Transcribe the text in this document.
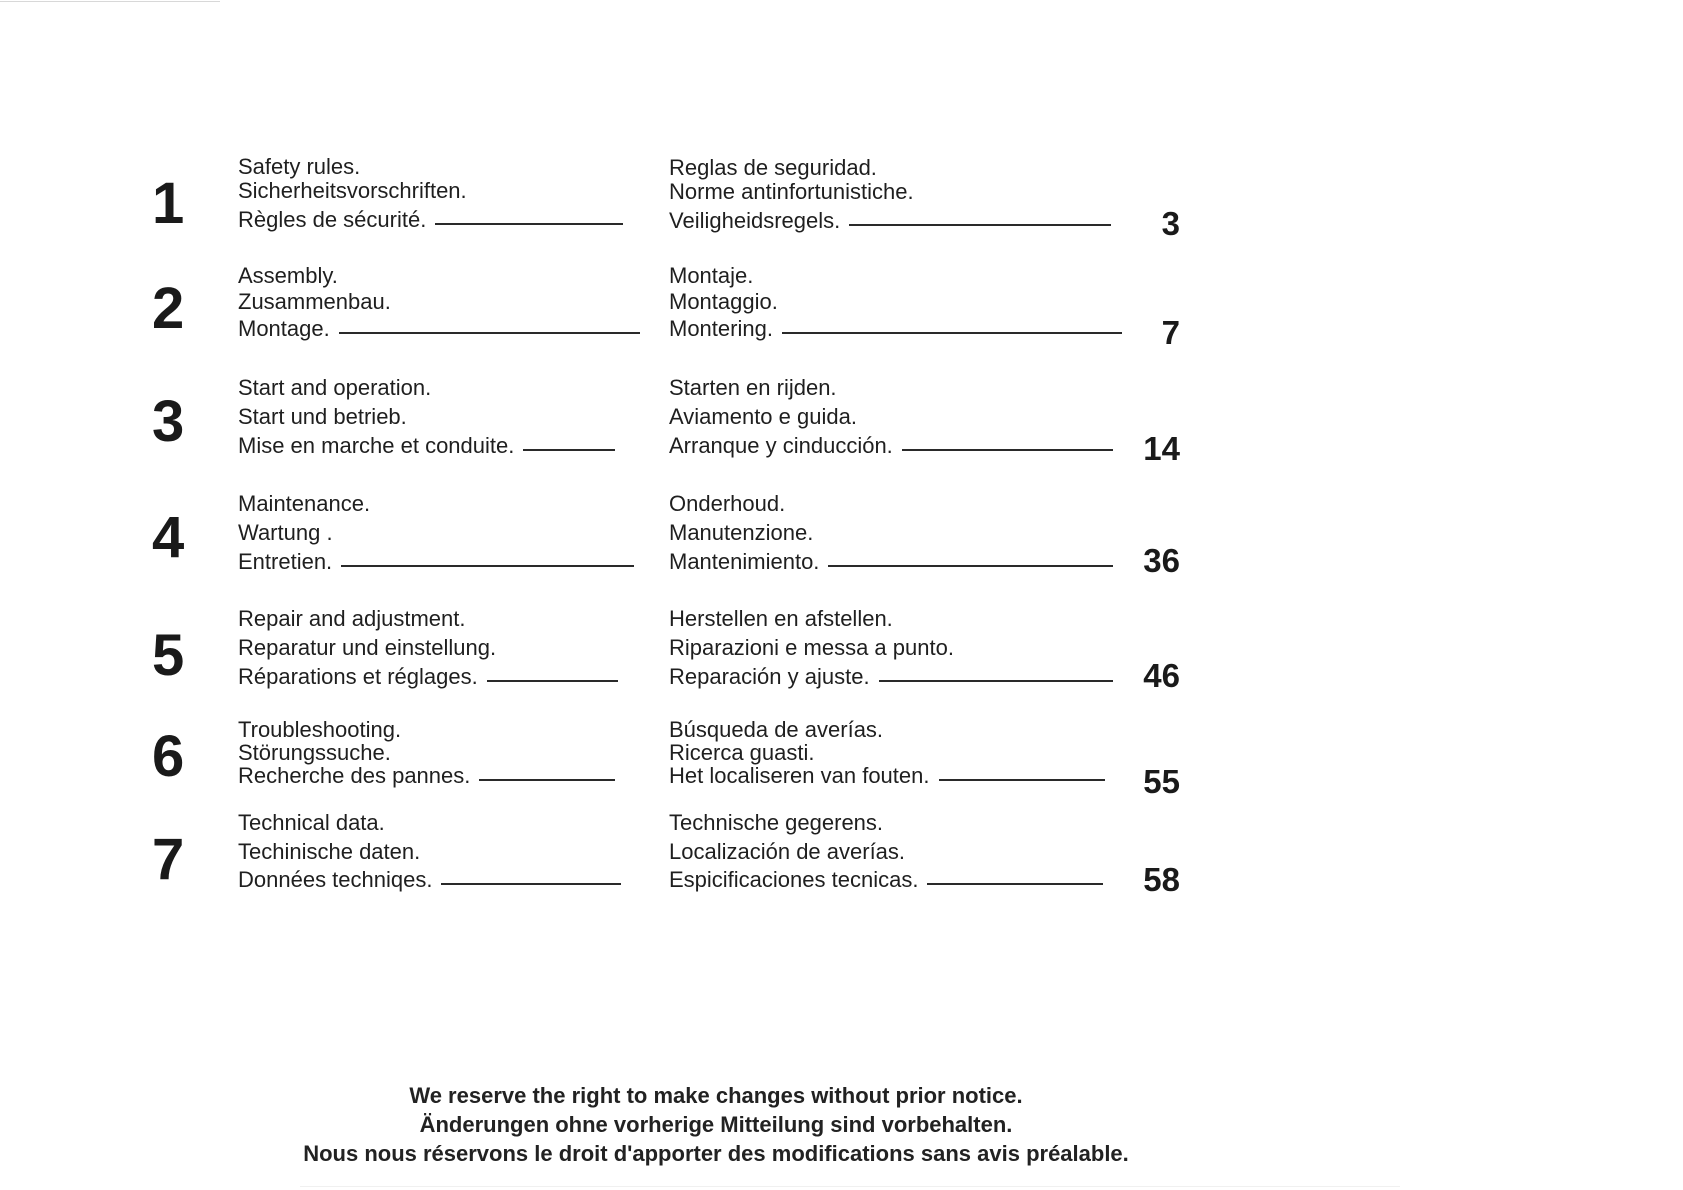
1
Safety rules.
Sicherheitsvorschriften.
Règles de sécurité.
Reglas de seguridad.
Norme antinfortunistiche.
Veiligheidsregels.	3
2
Assembly.
Zusammenbau.
Montage.
Montaje.
Montaggio.
Montering.	7
3
Start and operation.
Start und betrieb.
Mise en marche et conduite.
Starten en rijden.
Aviamento e guida.
Arranque y cinducción.	14
4
Maintenance.
Wartung .
Entretien.
Onderhoud.
Manutenzione.
Mantenimiento.	36
5
Repair and adjustment.
Reparatur und einstellung.
Réparations et réglages.
Herstellen en afstellen.
Riparazioni e messa a punto.
Reparación y ajuste.	46
6	Troubleshooting.
Störungssuche.
Recherche des pannes.
Búsqueda de averías.
Ricerca guasti.
Het localiseren van fouten.	55
7
Technical data.
Techinische daten.
Données techniqes.
Technische gegerens.
Localización de averías.
Espicificaciones tecnicas.	58
We reserve the right to make changes without prior notice.
Änderungen ohne vorherige Mitteilung sind vorbehalten.
Nous nous réservons le droit d'apporter des modifications sans avis préalable.
